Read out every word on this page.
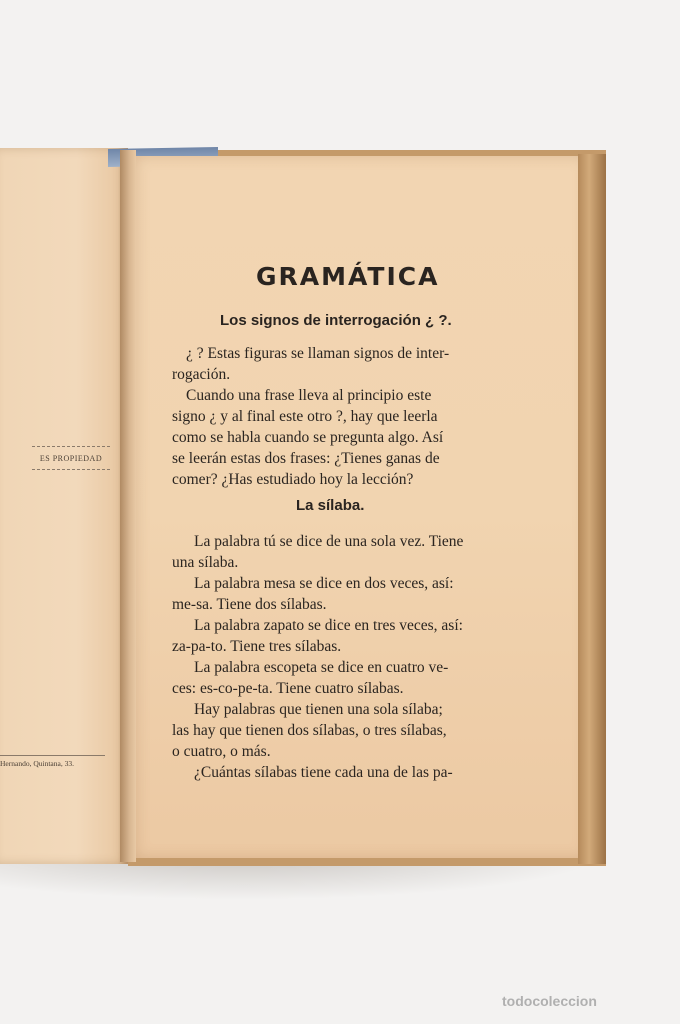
ES PROPIEDAD
Hernando, Quintana, 33.
GRAMÁTICA
Los signos de interrogación ¿ ?.
¿ ? Estas figuras se llaman signos de inter-
rogación.
Cuando una frase lleva al principio este
signo ¿ y al final este otro ?, hay que leerla
como se habla cuando se pregunta algo. Así
se leerán estas dos frases: ¿Tienes ganas de
comer? ¿Has estudiado hoy la lección?
La sílaba.
La palabra tú se dice de una sola vez. Tiene
una sílaba.
La palabra mesa se dice en dos veces, así:
me-sa. Tiene dos sílabas.
La palabra zapato se dice en tres veces, así:
za-pa-to. Tiene tres sílabas.
La palabra escopeta se dice en cuatro ve-
ces: es-co-pe-ta. Tiene cuatro sílabas.
Hay palabras que tienen una sola sílaba;
las hay que tienen dos sílabas, o tres sílabas,
o cuatro, o más.
¿Cuántas sílabas tiene cada una de las pa-
todocoleccion
